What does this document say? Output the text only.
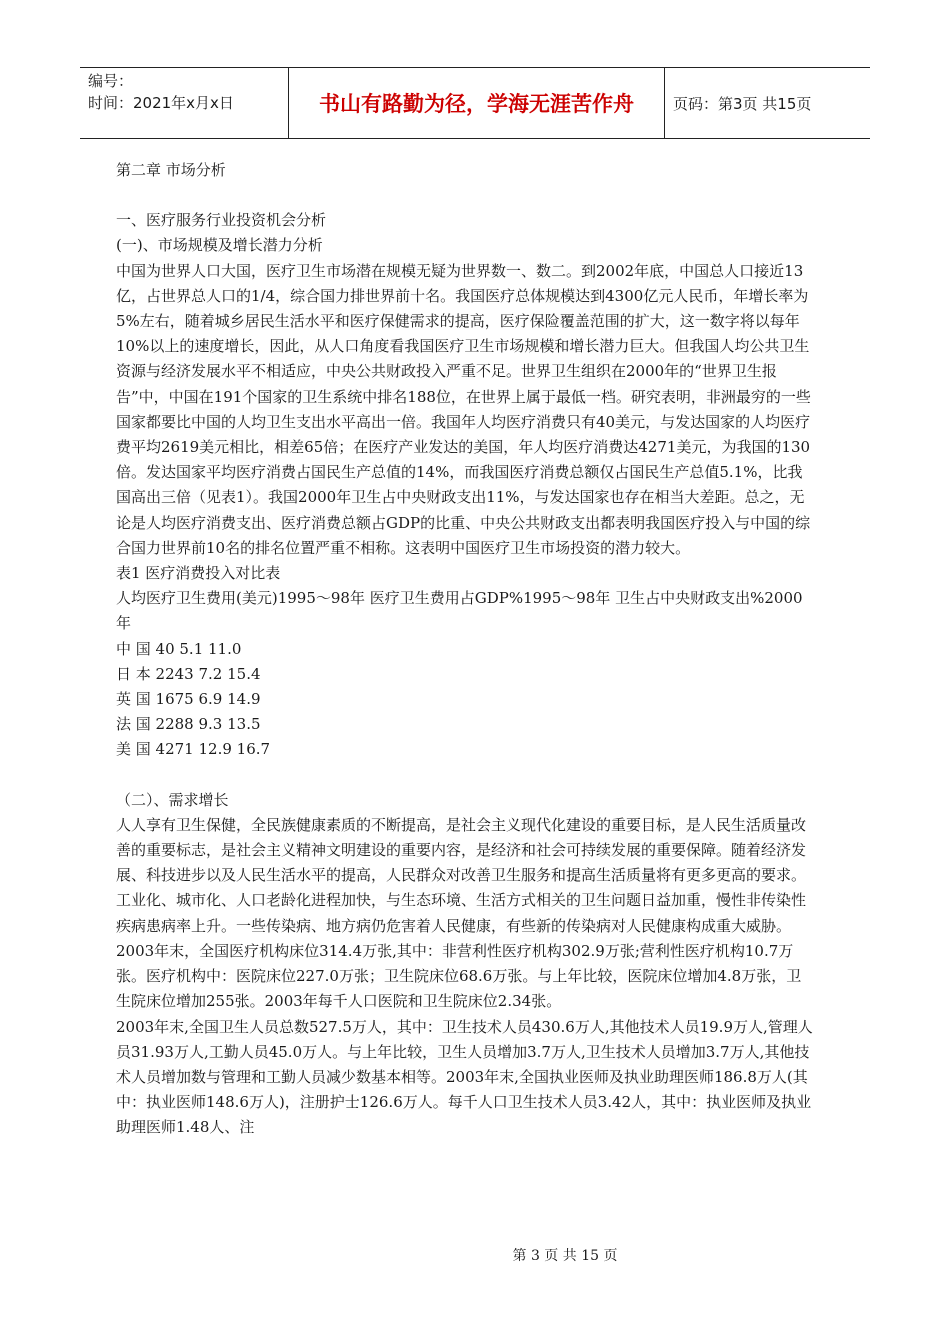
编号：
时间：2021年x月x日	书山有路勤为径，学海无涯苦作舟	页码：第3页 共15页

第二章 市场分析

一、医疗服务行业投资机会分析

(一)、市场规模及增长潜力分析

中国为世界人口大国，医疗卫生市场潜在规模无疑为世界数一、数二。到2002年底，中国总人口接近13亿，占世界总人口的1/4，综合国力排世界前十名。我国医疗总体规模达到4300亿元人民币，年增长率为5%左右，随着城乡居民生活水平和医疗保健需求的提高，医疗保险覆盖范围的扩大，这一数字将以每年10%以上的速度增长，因此，从人口角度看我国医疗卫生市场规模和增长潜力巨大。但我国人均公共卫生资源与经济发展水平不相适应，中央公共财政投入严重不足。世界卫生组织在2000年的“世界卫生报告”中，中国在191个国家的卫生系统中排名188位，在世界上属于最低一档。研究表明，非洲最穷的一些国家都要比中国的人均卫生支出水平高出一倍。我国年人均医疗消费只有40美元，与发达国家的人均医疗费平均2619美元相比，相差65倍；在医疗产业发达的美国，年人均医疗消费达4271美元，为我国的130倍。发达国家平均医疗消费占国民生产总值的14%，而我国医疗消费总额仅占国民生产总值5.1%，比我国高出三倍（见表1）。我国2000年卫生占中央财政支出11%，与发达国家也存在相当大差距。总之，无论是人均医疗消费支出、医疗消费总额占GDP的比重、中央公共财政支出都表明我国医疗投入与中国的综合国力世界前10名的排名位置严重不相称。这表明中国医疗卫生市场投资的潜力较大。

表1 医疗消费投入对比表

人均医疗卫生费用(美元)1995～98年 医疗卫生费用占GDP%1995～98年 卫生占中央财政支出%2000年

中 国 40 5.1 11.0

日 本 2243 7.2 15.4

英 国 1675 6.9 14.9

法 国 2288 9.3 13.5

美 国 4271 12.9 16.7

（二）、需求增长

人人享有卫生保健，全民族健康素质的不断提高，是社会主义现代化建设的重要目标，是人民生活质量改善的重要标志，是社会主义精神文明建设的重要内容，是经济和社会可持续发展的重要保障。随着经济发展、科技进步以及人民生活水平的提高，人民群众对改善卫生服务和提高生活质量将有更多更高的要求。工业化、城市化、人口老龄化进程加快，与生态环境、生活方式相关的卫生问题日益加重，慢性非传染性疾病患病率上升。一些传染病、地方病仍危害着人民健康，有些新的传染病对人民健康构成重大威胁。

2003年末，全国医疗机构床位314.4万张,其中：非营利性医疗机构302.9万张;营利性医疗机构10.7万张。医疗机构中：医院床位227.0万张；卫生院床位68.6万张。与上年比较，医院床位增加4.8万张，卫生院床位增加255张。2003年每千人口医院和卫生院床位2.34张。

2003年末,全国卫生人员总数527.5万人，其中：卫生技术人员430.6万人,其他技术人员19.9万人,管理人员31.93万人,工勤人员45.0万人。与上年比较，卫生人员增加3.7万人,卫生技术人员增加3.7万人,其他技术人员增加数与管理和工勤人员减少数基本相等。2003年末,全国执业医师及执业助理医师186.8万人(其中：执业医师148.6万人)，注册护士126.6万人。每千人口卫生技术人员3.42人，其中：执业医师及执业助理医师1.48人、注

第 3 页 共 15 页
